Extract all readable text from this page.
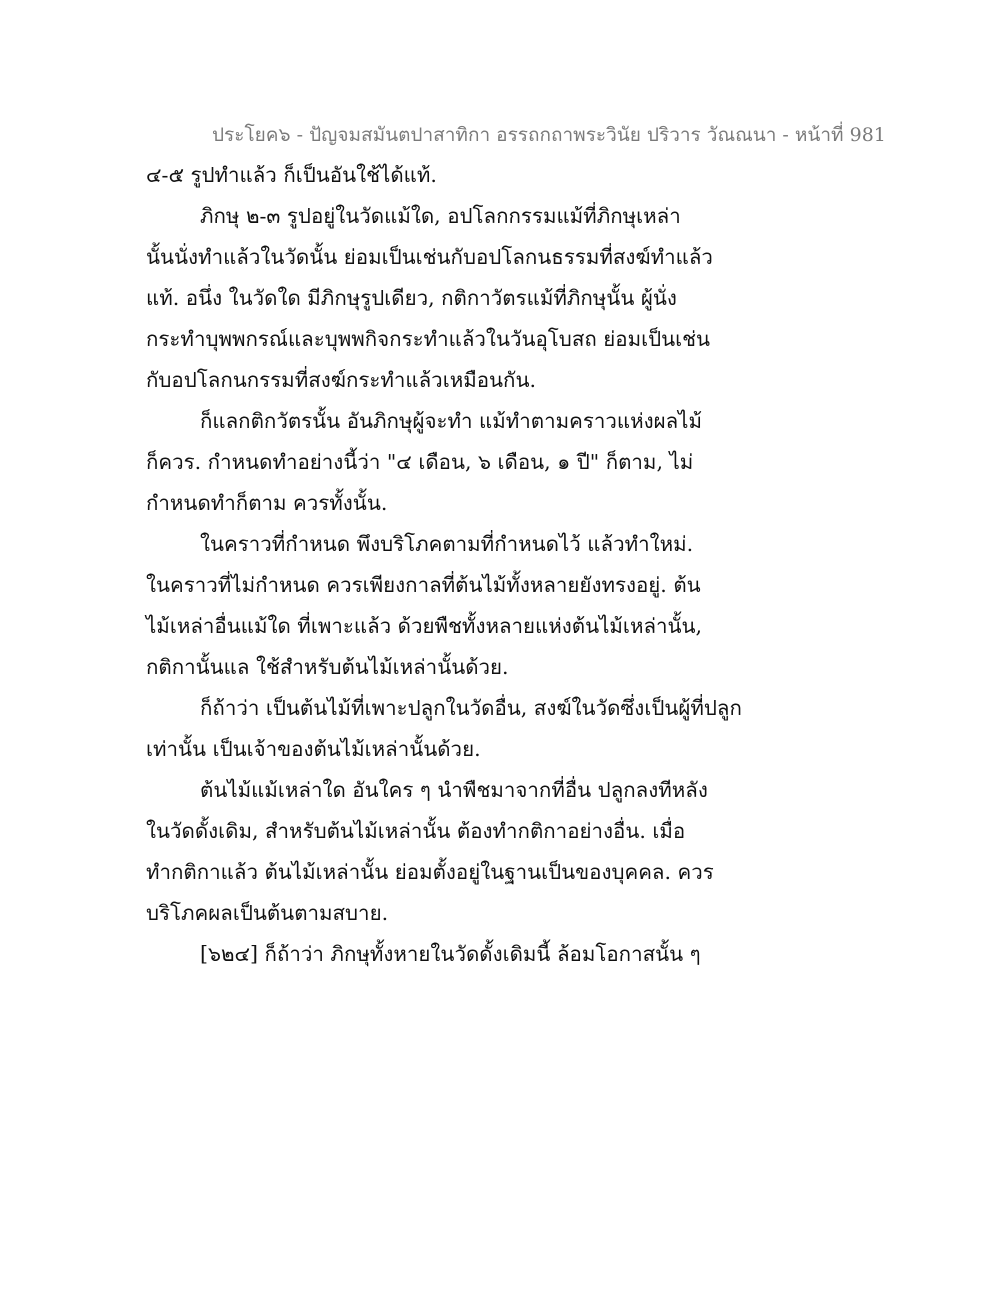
ประโยค๖ - ปัญจมสมันตปาสาทิกา อรรถกถาพระวินัย ปริวาร วัณณนา - หน้าที่ 981
๔-๕ รูปทำแล้ว ก็เป็นอันใช้ได้แท้.
ภิกษุ ๒-๓ รูปอยู่ในวัดแม้ใด, อปโลกกรรมแม้ที่ภิกษุเหล่า
นั้นนั่งทำแล้วในวัดนั้น ย่อมเป็นเช่นกับอปโลกนธรรมที่สงฆ์ทำแล้ว
แท้. อนึ่ง ในวัดใด มีภิกษุรูปเดียว, กติกาวัตรแม้ที่ภิกษุนั้น ผู้นั่ง
กระทำบุพพกรณ์และบุพพกิจกระทำแล้วในวันอุโบสถ ย่อมเป็นเช่น
กับอปโลกนกรรมที่สงฆ์กระทำแล้วเหมือนกัน.
ก็แลกติกวัตรนั้น อันภิกษุผู้จะทำ แม้ทำตามคราวแห่งผลไม้
ก็ควร. กำหนดทำอย่างนี้ว่า "๔ เดือน, ๖ เดือน, ๑ ปี" ก็ตาม, ไม่
กำหนดทำก็ตาม ควรทั้งนั้น.
ในคราวที่กำหนด พึงบริโภคตามที่กำหนดไว้ แล้วทำใหม่.
ในคราวที่ไม่กำหนด ควรเพียงกาลที่ต้นไม้ทั้งหลายยังทรงอยู่. ต้น
ไม้เหล่าอื่นแม้ใด ที่เพาะแล้ว ด้วยพืชทั้งหลายแห่งต้นไม้เหล่านั้น,
กติกานั้นแล ใช้สำหรับต้นไม้เหล่านั้นด้วย.
ก็ถ้าว่า เป็นต้นไม้ที่เพาะปลูกในวัดอื่น, สงฆ์ในวัดซึ่งเป็นผู้ที่ปลูก
เท่านั้น เป็นเจ้าของต้นไม้เหล่านั้นด้วย.
ต้นไม้แม้เหล่าใด อันใคร ๆ นำพืชมาจากที่อื่น ปลูกลงทีหลัง
ในวัดดั้งเดิม, สำหรับต้นไม้เหล่านั้น ต้องทำกติกาอย่างอื่น. เมื่อ
ทำกติกาแล้ว ต้นไม้เหล่านั้น ย่อมตั้งอยู่ในฐานเป็นของบุคคล. ควร
บริโภคผลเป็นต้นตามสบาย.
[๖๒๔] ก็ถ้าว่า ภิกษุทั้งหายในวัดดั้งเดิมนี้ ล้อมโอกาสนั้น ๆ
